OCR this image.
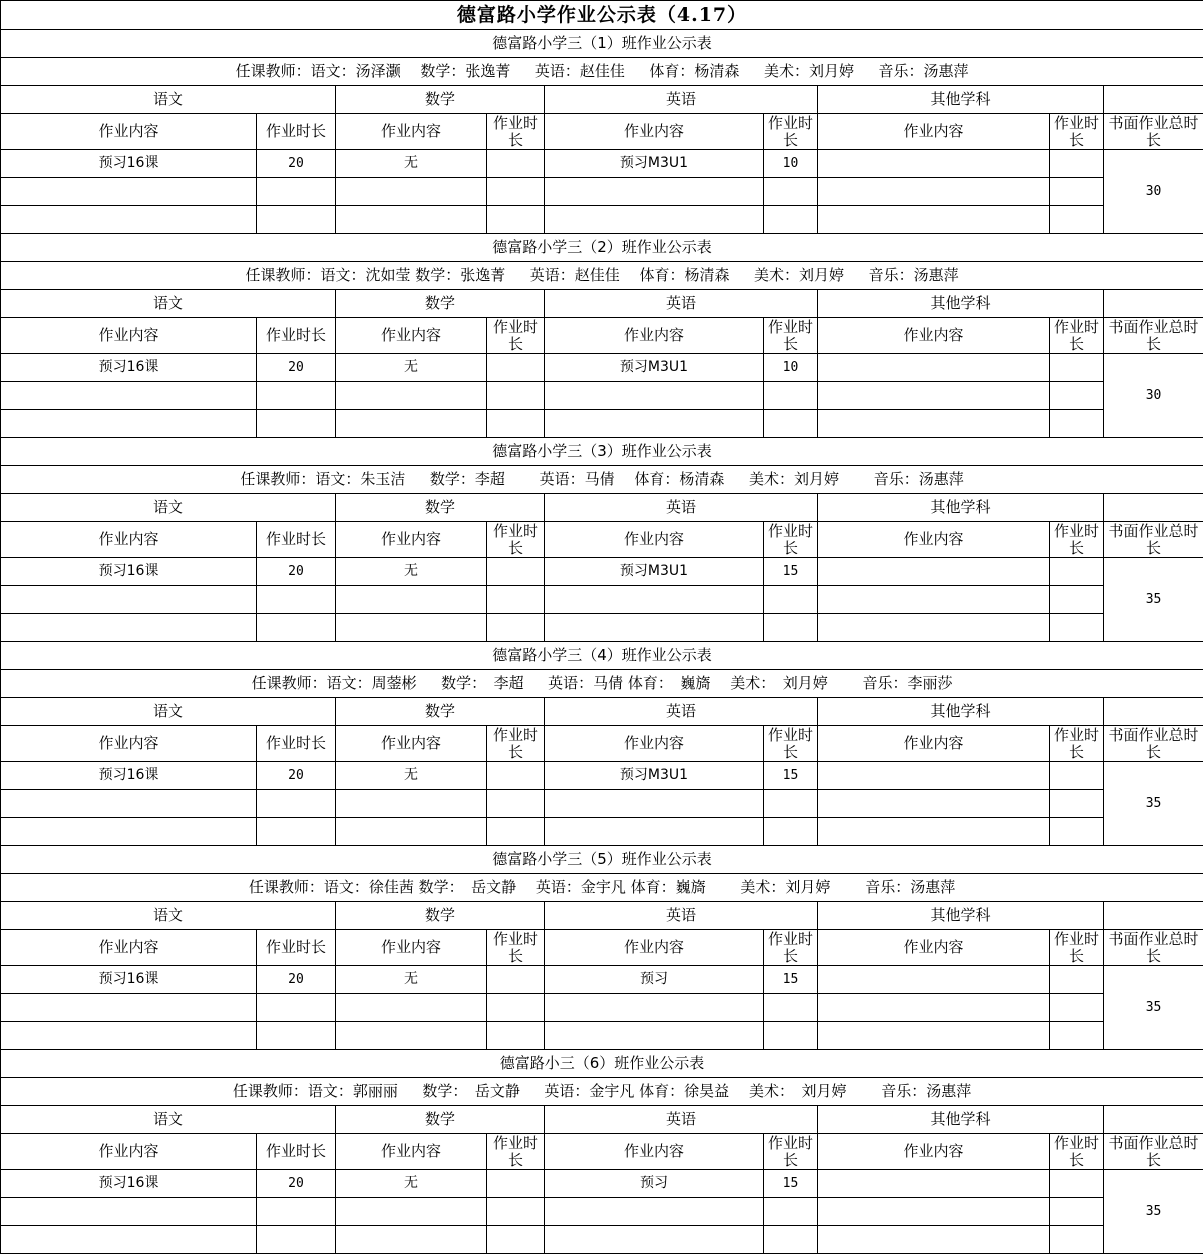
德富路小学作业公示表（4.17）								
德富路小学三（1）班作业公示表								
任课教师：语文：汤泽灏　 数学：张逸菁 　 英语：赵佳佳 　 体育：杨清森 　 美术：刘月婷 　 音乐：汤惠萍								
语文		数学		英语		其他学科		
作业内容	作业时长	作业内容	作业时长	作业内容	作业时长	作业内容	作业时长	书面作业总时长
预习16课	20	无		预习M3U1	10			30

德富路小学三（2）班作业公示表								
任课教师：语文：沈如莹 数学：张逸菁 　 英语：赵佳佳 　体育：杨清森 　 美术：刘月婷 　 音乐：汤惠萍								
语文		数学		英语		其他学科		
作业内容	作业时长	作业内容	作业时长	作业内容	作业时长	作业内容	作业时长	书面作业总时长
预习16课	20	无		预习M3U1	10			30

德富路小学三（3）班作业公示表								
任课教师：语文：朱玉洁 　 数学：李超 　　英语：马倩 　体育：杨清森 　 美术：刘月婷 　　音乐：汤惠萍								
语文		数学		英语		其他学科		
作业内容	作业时长	作业内容	作业时长	作业内容	作业时长	作业内容	作业时长	书面作业总时长
预习16课	20	无		预习M3U1	15			35

德富路小学三（4）班作业公示表								
任课教师：语文：周蓥彬 　 数学：　李超 　 英语：马倩 体育：　巍旖 　美术：　刘月婷 　　音乐：李丽莎								
语文		数学		英语		其他学科		
作业内容	作业时长	作业内容	作业时长	作业内容	作业时长	作业内容	作业时长	书面作业总时长
预习16课	20	无		预习M3U1	15			35

德富路小学三（5）班作业公示表								
任课教师：语文：徐佳茜 数学：　岳文静 　英语：金宇凡 体育：巍旖 　　美术：刘月婷 　　音乐：汤惠萍								
语文		数学		英语		其他学科		
作业内容	作业时长	作业内容	作业时长	作业内容	作业时长	作业内容	作业时长	书面作业总时长
预习16课	20	无		预习	15			35

德富路小三（6）班作业公示表								
任课教师：语文：郭丽丽 　 数学：　岳文静 　 英语：金宇凡 体育：徐昊益 　美术：　刘月婷 　　音乐：汤惠萍								
语文		数学		英语		其他学科		
作业内容	作业时长	作业内容	作业时长	作业内容	作业时长	作业内容	作业时长	书面作业总时长
预习16课	20	无		预习	15			35
